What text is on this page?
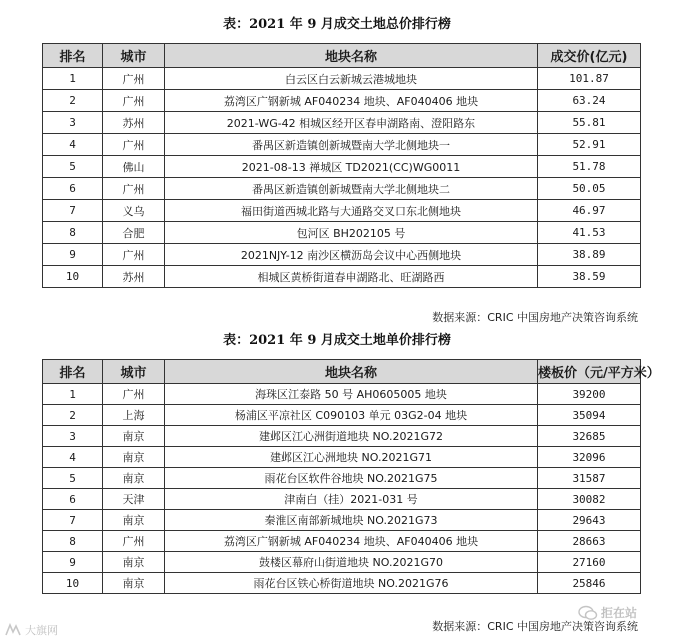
表：2021 年 9 月成交土地总价排行榜
排名	城市	地块名称	成交价(亿元)
1	广州	白云区白云新城云港城地块	101.87
2	广州	荔湾区广钢新城 AF040234 地块、AF040406 地块	63.24
3	苏州	2021-WG-42 相城区经开区春申湖路南、澄阳路东	55.81
4	广州	番禺区新造镇创新城暨南大学北侧地块一	52.91
5	佛山	2021-08-13 禅城区 TD2021(CC)WG0011	51.78
6	广州	番禺区新造镇创新城暨南大学北侧地块二	50.05
7	义乌	福田街道西城北路与大通路交叉口东北侧地块	46.97
8	合肥	包河区 BH202105 号	41.53
9	广州	2021NJY-12 南沙区横沥岛会议中心西侧地块	38.89
10	苏州	相城区黄桥街道春申湖路北、旺湖路西	38.59
数据来源：CRIC 中国房地产决策咨询系统
表：2021 年 9 月成交土地单价排行榜
排名	城市	地块名称	楼板价（元/平方米）
1	广州	海珠区江泰路 50 号 AH0605005 地块	39200
2	上海	杨浦区平凉社区 C090103 单元 03G2-04 地块	35094
3	南京	建邺区江心洲街道地块 NO.2021G72	32685
4	南京	建邺区江心洲地块 NO.2021G71	32096
5	南京	雨花台区软件谷地块 NO.2021G75	31587
6	天津	津南白（挂）2021-031 号	30082
7	南京	秦淮区南部新城地块 NO.2021G73	29643
8	广州	荔湾区广钢新城 AF040234 地块、AF040406 地块	28663
9	南京	鼓楼区幕府山街道地块 NO.2021G70	27160
10	南京	雨花台区铁心桥街道地块 NO.2021G76	25846
数据来源：CRIC 中国房地产决策咨询系统
大旗网
拒在站
